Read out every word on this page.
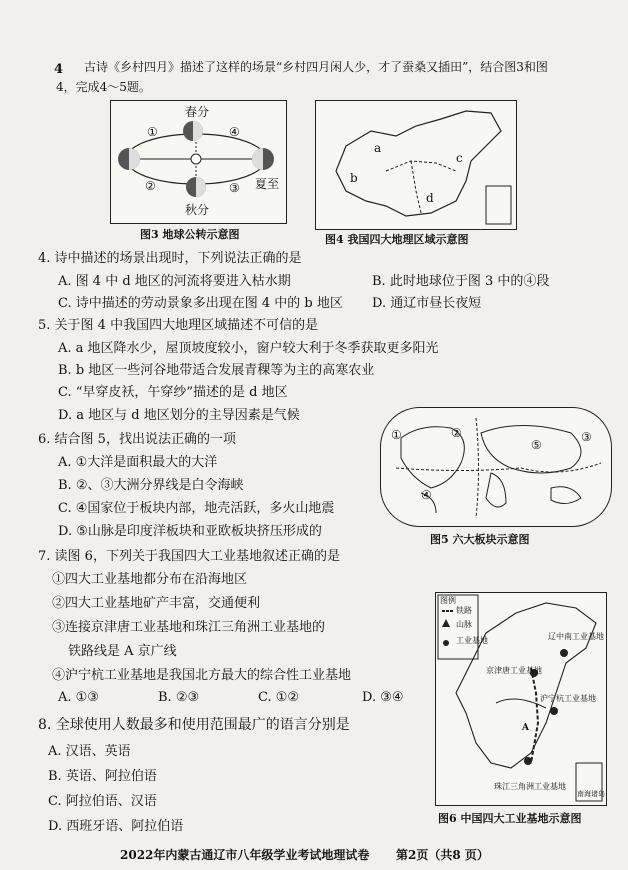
古诗《乡村四月》描述了这样的场景“乡村四月闲人少，才了蚕桑又插田”，结合图3和图
4
4，完成4～5题。
春分
秋分
夏至
①
②	③
④
图3 地球公转示意图
a
b
c
d
图4 我国四大地理区域示意图
4. 诗中描述的场景出现时，下列说法正确的是
A. 图 4 中 d 地区的河流将要进入枯水期	B. 此时地球位于图 3 中的④段
C. 诗中描述的劳动景象多出现在图 4 中的 b 地区 D. 通辽市昼长夜短
5. 关于图 4 中我国四大地理区域描述不可信的是
A. a 地区降水少，屋顶坡度较小，窗户较大利于冬季获取更多阳光
B. b 地区一些河谷地带适合发展青稞等为主的高寒农业
C. “早穿皮袄，午穿纱”描述的是 d 地区
D. a 地区与 d 地区划分的主导因素是气候
6. 结合图 5，找出说法正确的一项
A. ①大洋是面积最大的大洋
B. ②、③大洲分界线是白令海峡
C. ④国家位于板块内部，地壳活跃，多火山地震
D. ⑤山脉是印度洋板块和亚欧板块挤压形成的
①	②	③
④
⑤
图5 六大板块示意图
7. 读图 6，下列关于我国四大工业基地叙述正确的是
①四大工业基地都分布在沿海地区
②四大工业基地矿产丰富，交通便利
③连接京津唐工业基地和珠江三角洲工业基地的
铁路线是 A 京广线
④沪宁杭工业基地是我国北方最大的综合性工业基地
A. ①③	B. ②③	C. ①②	D. ③④
图例
铁路
山脉
工业基地	辽中南工业基地
京津唐工业基地
沪宁杭工业基地
珠江三角洲工业基地
A
南海诸岛
图6 中国四大工业基地示意图
8. 全球使用人数最多和使用范围最广的语言分别是
A. 汉语、英语
B. 英语、阿拉伯语
C. 阿拉伯语、汉语
D. 西班牙语、阿拉伯语
2022年内蒙古通辽市八年级学业考试地理试卷 第2页（共8 页）
